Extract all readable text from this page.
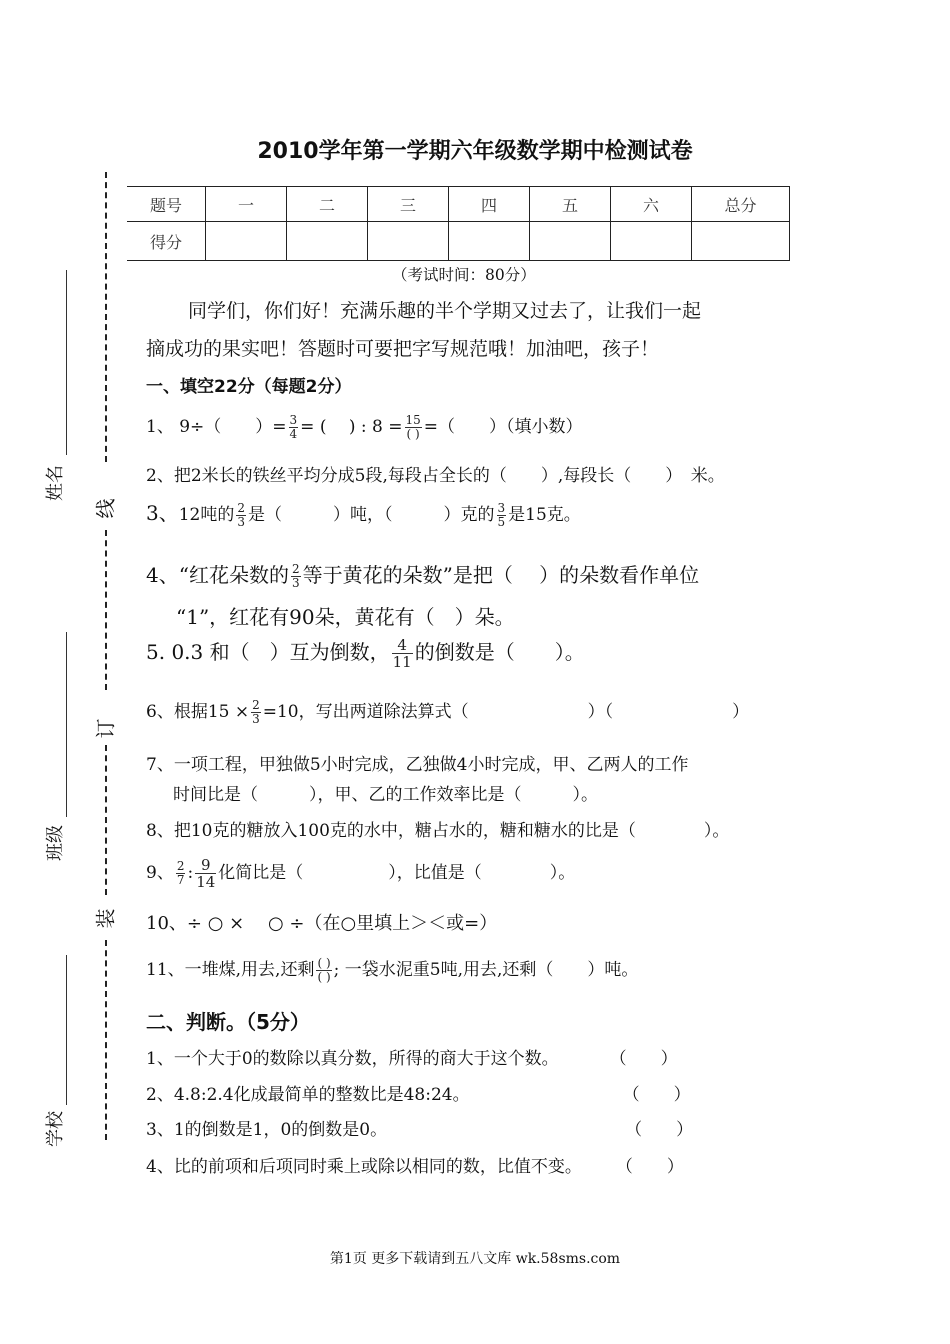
2010学年第一学期六年级数学期中检测试卷
题号	一	二	三	四	五	六	总分
得分							
（考试时间：80分）
同学们，你们好！充满乐趣的半个学期又过去了，让我们一起
摘成功的果实吧！答题时可要把字写规范哦！加油吧，孩子！
一、填空22分（每题2分）
1、 9÷（　　）= $\frac{3}{4}$ = (　 ) : $8 = \frac{15}{( )}$ =（　　）（填小数）
2、把2米长的铁丝平均分成5段,每段占全长的（　　）,每段长（　　）　米。
3、12吨的 $\frac{2}{3}$ 是（　　　）吨，（　　　）克的 $\frac{3}{5}$ 是15克。
4、“红花朵数的 $\frac{2}{3}$ 等于黄花的朵数”是把（　 ）的朵数看作单位
“1”，红花有90朵，黄花有（　）朵。
5. 0.3 和（　）互为倒数， $\frac{4}{11}$ 的倒数是（　　）。
6、根据$15 \times \frac{2}{3} =10$，写出两道除法算式（　　　　　　　）（　　　　　　　）
7、一项工程，甲独做5小时完成，乙独做4小时完成，甲、乙两人的工作
时间比是（　　　），甲、乙的工作效率比是（　　　）。
8、把10克的糖放入100克的水中，糖占水的，糖和糖水的比是（　　　　）。
9、 $\frac{2}{7}$ : $\frac{9}{14}$ 化简比是（　　　　　），比值是（　　　　）。
10、÷ ○ ×　 ○ ÷（在○里填上＞＜或=）
11、一堆煤,用去,还剩 $\frac{( )}{( )}$ ; 一袋水泥重5吨,用去,还剩（　　）吨。
二、判断。（5分）
1、一个大于0的数除以真分数，所得的商大于这个数。　　　　（　　）
2、4.8:2.4化成最简单的整数比是48:24。　　　　　　　　　　（　　）
3、1的倒数是1，0的倒数是0。　　　　　　　　　　　　　　　（　　）
4、比的前项和后项同时乘上或除以相同的数，比值不变。　　　（　　）
线
订
装
姓名
班级
学校
第1页 更多下载请到五八文库 wk.58sms.com
